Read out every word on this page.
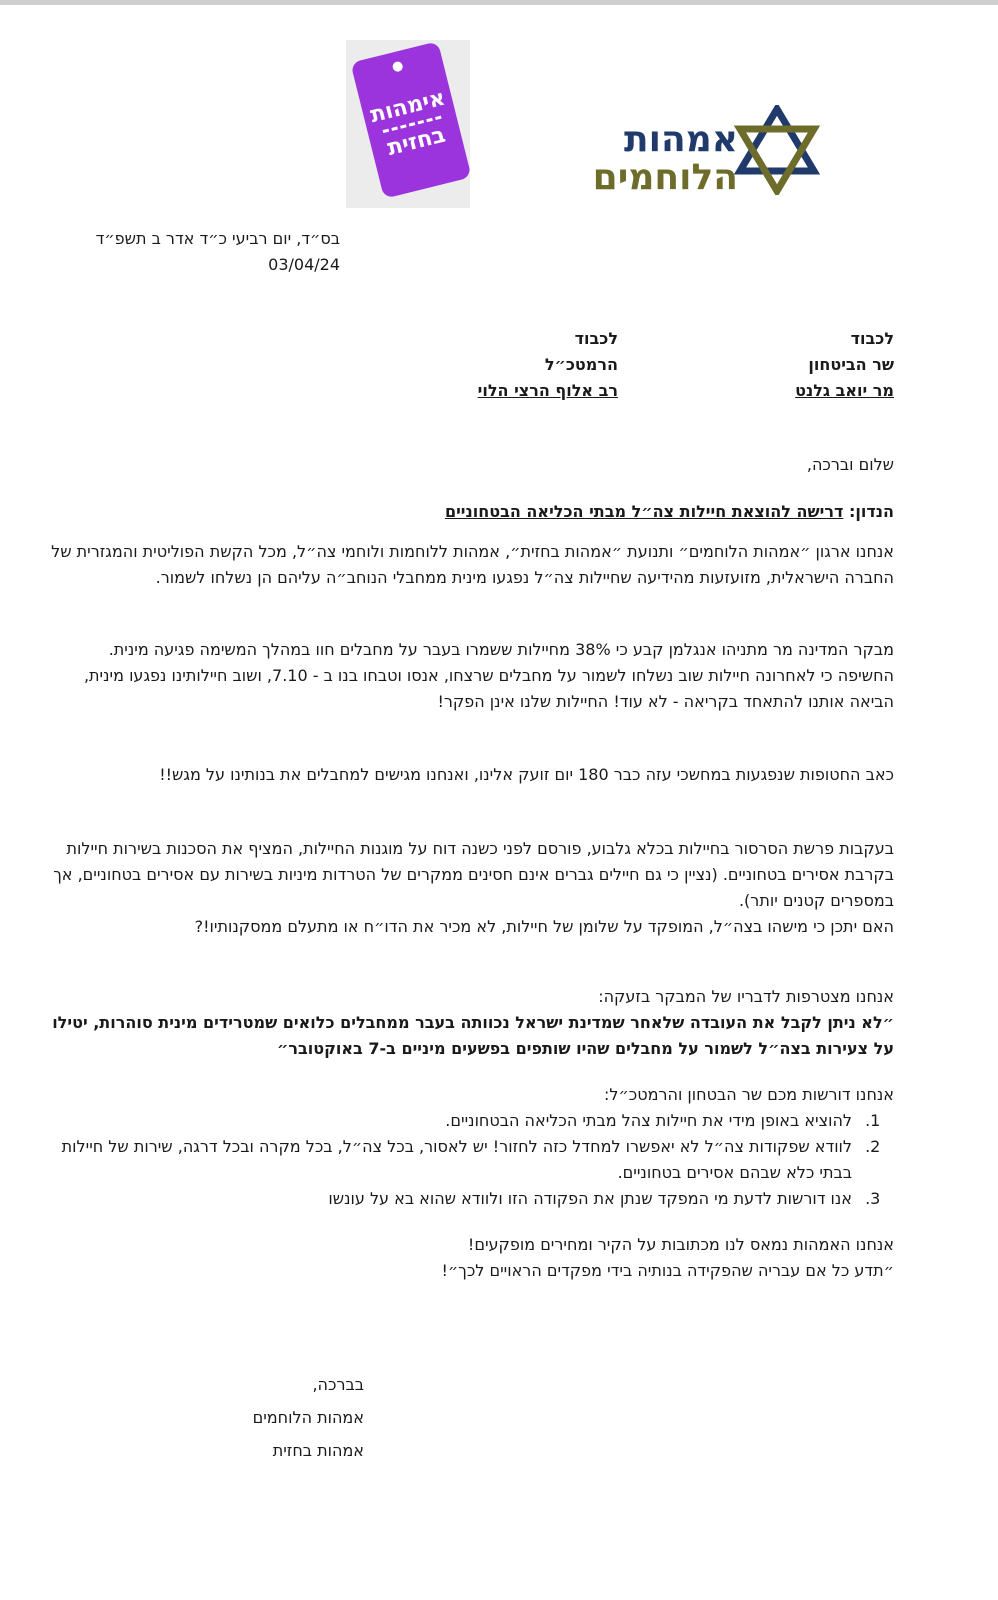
אימהות
בחזית	אמהות
הלוחמים
בס״ד, יום רביעי כ״ד אדר ב תשפ״ד
03/04/24
לכבוד
שר הביטחון
מר יואב גלנט
לכבוד
הרמטכ״ל
רב אלוף הרצי הלוי
שלום וברכה,
הנדון: דרישה להוצאת חיילות צה״ל מבתי הכליאה הבטחוניים
אנחנו ארגון ״אמהות הלוחמים״ ותנועת ״אמהות בחזית״, אמהות ללוחמות ולוחמי צה״ל, מכל הקשת הפוליטית והמגזרית של החברה הישראלית, מזועזעות מהידיעה שחיילות צה״ל נפגעו מינית ממחבלי הנוחב״ה עליהם הן נשלחו לשמור.
מבקר המדינה מר מתניהו אנגלמן קבע כי 38% מחיילות ששמרו בעבר על מחבלים חוו במהלך המשימה פגיעה מינית.
החשיפה כי לאחרונה חיילות שוב נשלחו לשמור על מחבלים שרצחו, אנסו וטבחו בנו ב - 7.10, ושוב חיילותינו נפגעו מינית, הביאה אותנו להתאחד בקריאה - לא עוד! החיילות שלנו אינן הפקר!
כאב החטופות שנפגעות במחשכי עזה כבר 180 יום זועק אלינו, ואנחנו מגישים למחבלים את בנותינו על מגש!!
בעקבות פרשת הסרסור בחיילות בכלא גלבוע, פורסם לפני כשנה דוח על מוגנות החיילות, המציף את הסכנות בשירות חיילות בקרבת אסירים בטחוניים. (נציין כי גם חיילים גברים אינם חסינים ממקרים של הטרדות מיניות בשירות עם אסירים בטחוניים, אך במספרים קטנים יותר).
האם יתכן כי מישהו בצה״ל, המופקד על שלומן של חיילות, לא מכיר את הדו״ח או מתעלם ממסקנותיו!?
אנחנו מצטרפות לדבריו של המבקר בזעקה:
״לא ניתן לקבל את העובדה שלאחר שמדינת ישראל נכוותה בעבר ממחבלים כלואים שמטרידים מינית סוהרות, יטילו על צעירות בצה״ל לשמור על מחבלים שהיו שותפים בפשעים מיניים ב-7 באוקטובר״
אנחנו דורשות מכם שר הבטחון והרמטכ״ל:
1. להוציא באופן מידי את חיילות צהל מבתי הכליאה הבטחוניים.
2. לוודא שפקודות צה״ל לא יאפשרו למחדל כזה לחזור! יש לאסור, בכל צה״ל, בכל מקרה ובכל דרגה, שירות של חיילות בבתי כלא שבהם אסירים בטחוניים.
3. אנו דורשות לדעת מי המפקד שנתן את הפקודה הזו ולוודא שהוא בא על עונשו
אנחנו האמהות נמאס לנו מכתובות על הקיר ומחירים מופקעים!
״תדע כל אם עבריה שהפקידה בנותיה בידי מפקדים הראויים לכך״!
בברכה,
אמהות הלוחמים
אמהות בחזית
